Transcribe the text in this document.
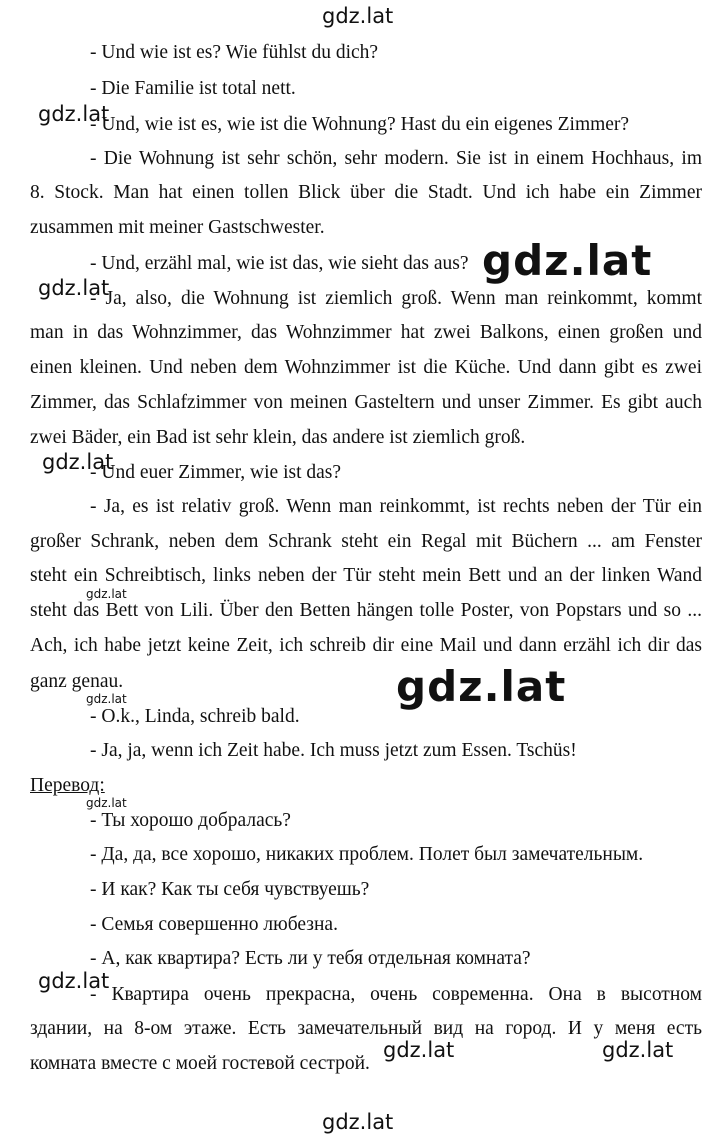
- Und wie ist es? Wie fühlst du dich?
- Die Familie ist total nett.
- Und, wie ist es, wie ist die Wohnung? Hast du ein eigenes Zimmer?
- Die Wohnung ist sehr schön, sehr modern. Sie ist in einem Hochhaus, im
8. Stock. Man hat einen tollen Blick über die Stadt. Und ich habe ein Zimmer
zusammen mit meiner Gastschwester.
- Und, erzähl mal, wie ist das, wie sieht das aus?
- Ja, also, die Wohnung ist ziemlich groß. Wenn man reinkommt, kommt
man in das Wohnzimmer, das Wohnzimmer hat zwei Balkons, einen großen und
einen kleinen. Und neben dem Wohnzimmer ist die Küche. Und dann gibt es zwei
Zimmer, das Schlafzimmer von meinen Gasteltern und unser Zimmer. Es gibt auch
zwei Bäder, ein Bad ist sehr klein, das andere ist ziemlich groß.
- Und euer Zimmer, wie ist das?
- Ja, es ist relativ groß. Wenn man reinkommt, ist rechts neben der Tür ein
großer Schrank, neben dem Schrank steht ein Regal mit Büchern ... am Fenster
steht ein Schreibtisch, links neben der Tür steht mein Bett und an der linken Wand
steht das Bett von Lili. Über den Betten hängen tolle Poster, von Popstars und so ...
Ach, ich habe jetzt keine Zeit, ich schreib dir eine Mail und dann erzähl ich dir das
ganz genau.
- O.k., Linda, schreib bald.
- Ja, ja, wenn ich Zeit habe. Ich muss jetzt zum Essen. Tschüs!
Перевод:
- Ты хорошо добралась?
- Да, да, все хорошо, никаких проблем. Полет был замечательным.
- И как? Как ты себя чувствуешь?
- Семья совершенно любезна.
- А, как квартира? Есть ли у тебя отдельная комната?
- Квартира очень прекрасна, очень современна. Она в высотном
здании, на 8-ом этаже. Есть замечательный вид на город. И у меня есть
комната вместе с моей гостевой сестрой.
gdz.lat
gdz.lat
gdz.lat
gdz.lat
gdz.lat
gdz.lat
gdz.lat
gdz.lat
gdz.lat
gdz.lat
gdz.lat	gdz.lat
gdz.lat
